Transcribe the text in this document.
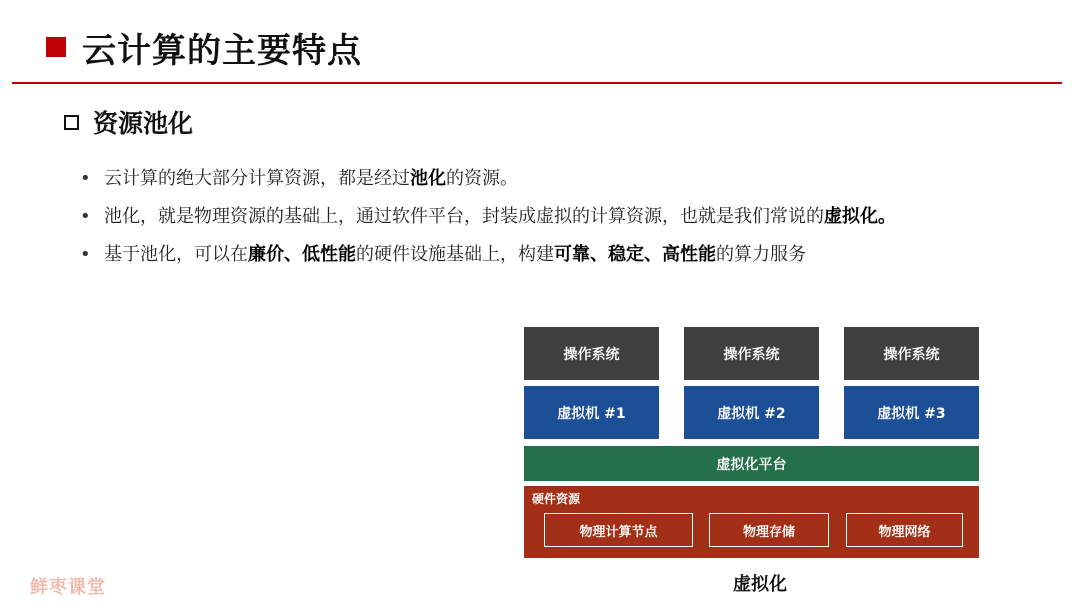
云计算的主要特点
资源池化
• 云计算的绝大部分计算资源，都是经过池化的资源。
• 池化，就是物理资源的基础上，通过软件平台，封装成虚拟的计算资源，也就是我们常说的虚拟化。
• 基于池化，可以在廉价、低性能的硬件设施基础上，构建可靠、稳定、高性能的算力服务
操作系统	操作系统	操作系统
虚拟机 #1	虚拟机 #2	虚拟机 #3
虚拟化平台
硬件资源
物理计算节点	物理存储	物理网络
虚拟化
鲜枣课堂
